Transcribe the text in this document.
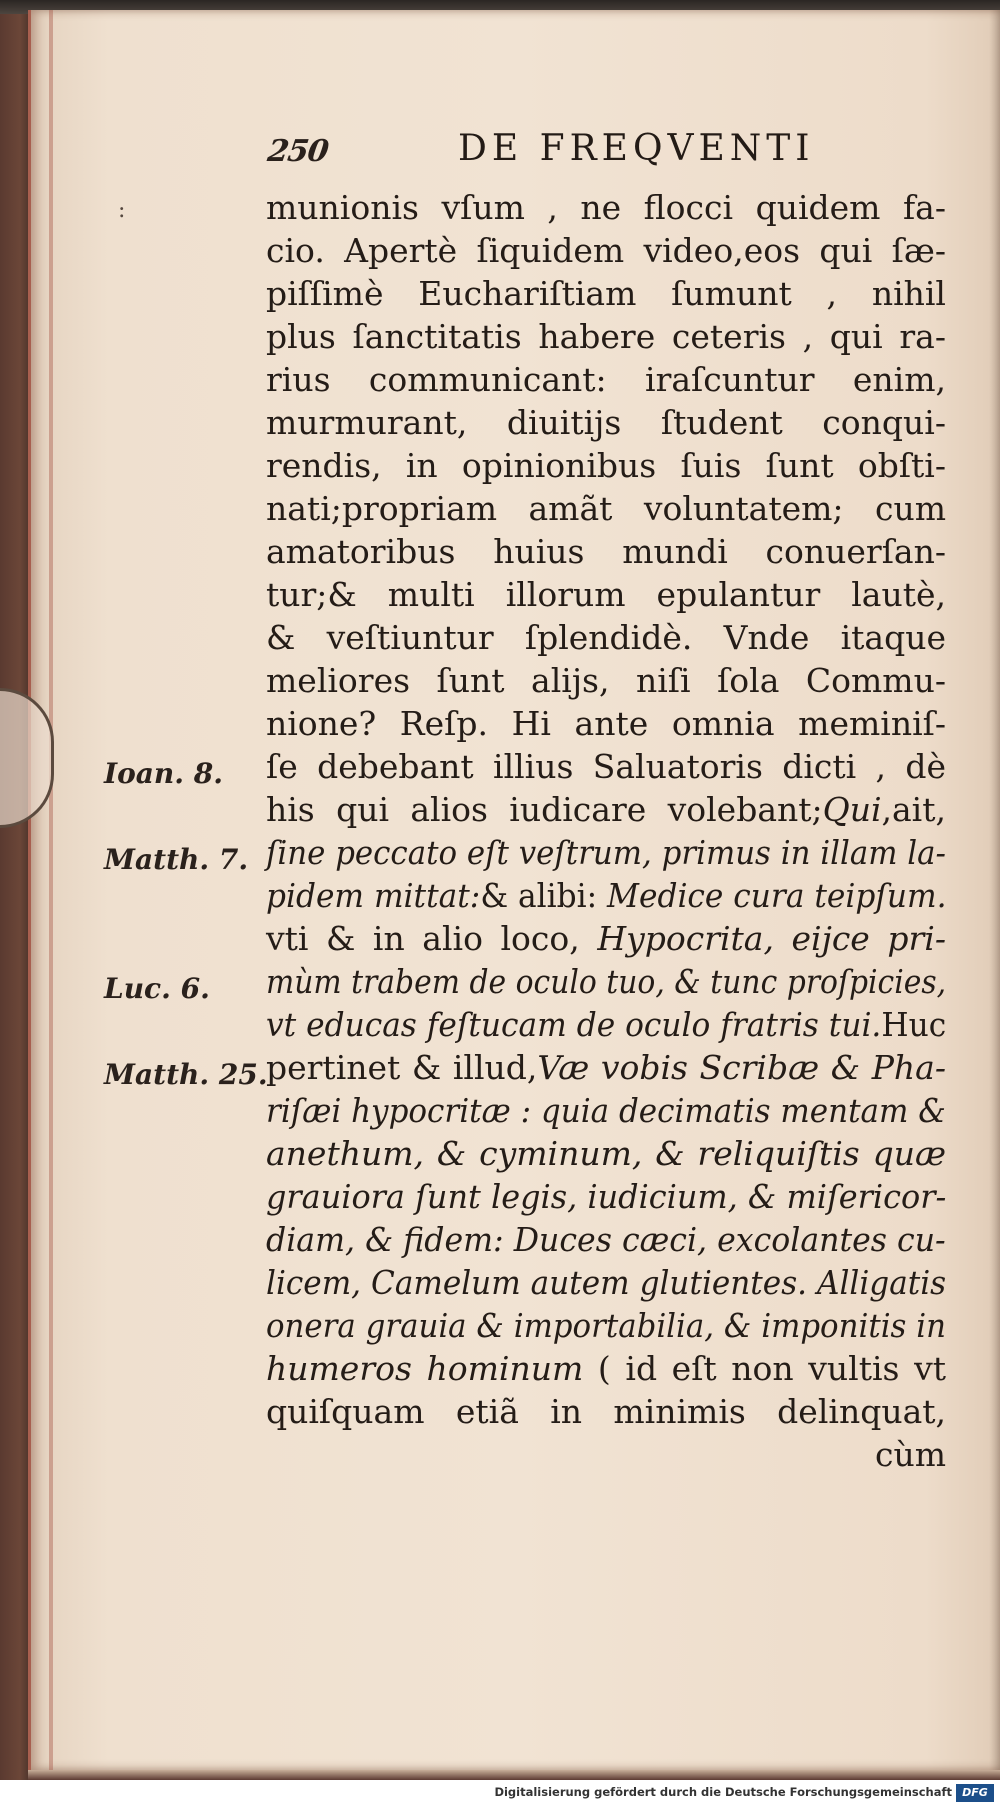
:
250	DE FREQVENTI
munionis vſum , ne flocci quidem fa-
cio. Apertè ſiquidem video,eos qui ſæ-
piſſimè Euchariſtiam ſumunt , nihil
plus ſanctitatis habere ceteris , qui ra-
rius communicant: iraſcuntur enim,
murmurant, diuitijs ſtudent conqui-
rendis, in opinionibus ſuis ſunt obſti-
nati;propriam amãt voluntatem; cum
amatoribus huius mundi conuerſan-
tur;& multi illorum epulantur lautè,
& veſtiuntur ſplendidè. Vnde itaque
meliores ſunt alijs, niſi ſola Commu-
nione? Reſp. Hi ante omnia meminiſ-
ſe debebant illius Saluatoris dicti , dè
his qui alios iudicare volebant;Qui,ait,
ſine peccato eſt veſtrum, primus in illam la-
pidem mittat:& alibi: Medice cura teipſum.
vti & in alio loco, Hypocrita, eijce pri-
mùm trabem de oculo tuo, & tunc proſpicies,
vt educas feſtucam de oculo fratris tui.Huc
pertinet & illud,Væ vobis Scribæ & Pha-
riſæi hypocritæ : quia decimatis mentam &
anethum, & cyminum, & reliquiſtis quæ
grauiora ſunt legis, iudicium, & miſericor-
diam, & fidem: Duces cæci, excolantes cu-
licem, Camelum autem glutientes. Alligatis
onera grauia & importabilia, & imponitis in
humeros hominum ( id eſt non vultis vt
quiſquam etiã in minimis delinquat,
cùm
Ioan. 8.
Matth. 7.
Luc. 6.
Matth. 25.
Digitalisierung gefördert durch die Deutsche Forschungsgemeinschaft DFG
